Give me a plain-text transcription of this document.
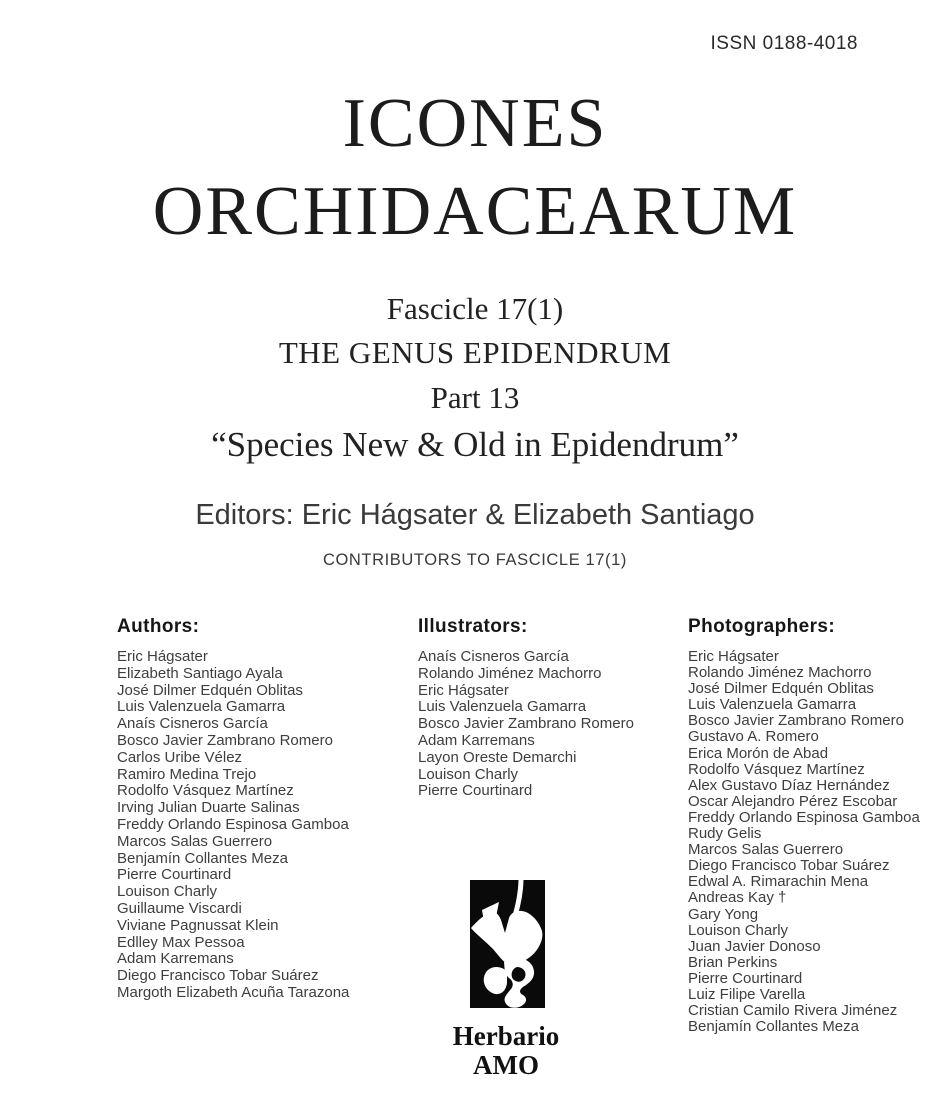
ISSN 0188-4018
ICONES
ORCHIDACEARUM
Fascicle 17(1)
THE GENUS EPIDENDRUM
Part 13
“Species New & Old in Epidendrum”
Editors: Eric Hágsater & Elizabeth Santiago
CONTRIBUTORS TO FASCICLE 17(1)
Authors:
Eric Hágsater
Elizabeth Santiago Ayala
José Dilmer Edquén Oblitas
Luis Valenzuela Gamarra
Anaís Cisneros García
Bosco Javier Zambrano Romero
Carlos Uribe Vélez
Ramiro Medina Trejo
Rodolfo Vásquez Martínez
Irving Julian Duarte Salinas
Freddy Orlando Espinosa Gamboa
Marcos Salas Guerrero
Benjamín Collantes Meza
Pierre Courtinard
Louison Charly
Guillaume Viscardi
Viviane Pagnussat Klein
Edlley Max Pessoa
Adam Karremans
Diego Francisco Tobar Suárez
Margoth Elizabeth Acuña Tarazona
Illustrators:
Anaís Cisneros García
Rolando Jiménez Machorro
Eric Hágsater
Luis Valenzuela Gamarra
Bosco Javier Zambrano Romero
Adam Karremans
Layon Oreste Demarchi
Louison Charly
Pierre Courtinard
Photographers:
Eric Hágsater
Rolando Jiménez Machorro
José Dilmer Edquén Oblitas
Luis Valenzuela Gamarra
Bosco Javier Zambrano Romero
Gustavo A. Romero
Erica Morón de Abad
Rodolfo Vásquez Martínez
Alex Gustavo Díaz Hernández
Oscar Alejandro Pérez Escobar
Freddy Orlando Espinosa Gamboa
Rudy Gelis
Marcos Salas Guerrero
Diego Francisco Tobar Suárez
Edwal A. Rimarachin Mena
Andreas Kay †
Gary Yong
Louison Charly
Juan Javier Donoso
Brian Perkins
Pierre Courtinard
Luiz Filipe Varella
Cristian Camilo Rivera Jiménez
Benjamín Collantes Meza
Herbario
AMO
